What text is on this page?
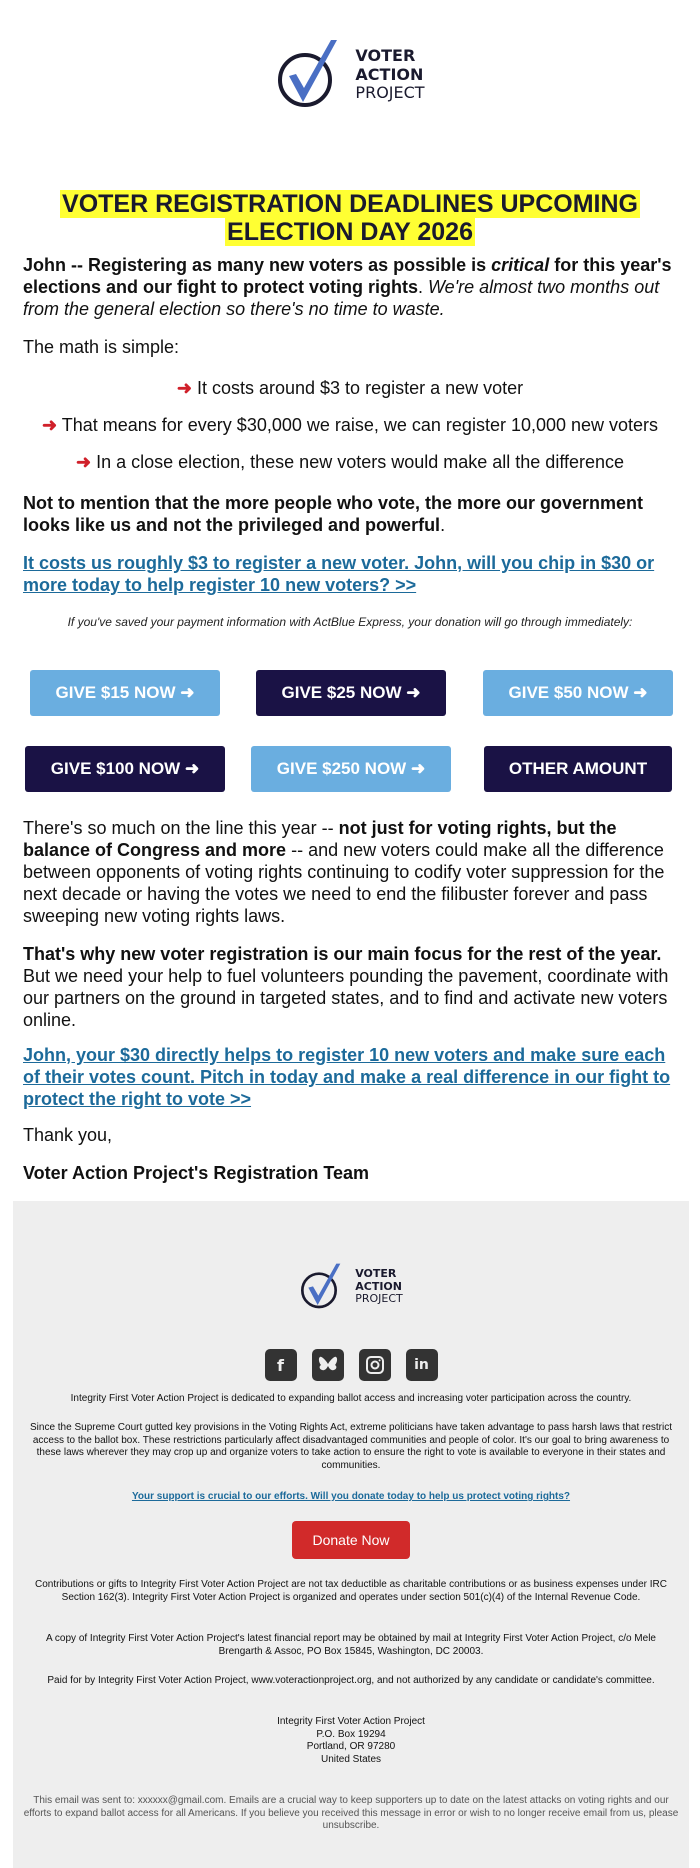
VOTER
ACTION
PROJECT
VOTER REGISTRATION DEADLINES UPCOMING
ELECTION DAY 2026
John -- Registering as many new voters as possible is critical for this year's elections and our fight to protect voting rights. We're almost two months out from the general election so there's no time to waste.
The math is simple:
➜ It costs around $3 to register a new voter
➜ That means for every $30,000 we raise, we can register 10,000 new voters
➜ In a close election, these new voters would make all the difference
Not to mention that the more people who vote, the more our government looks like us and not the privileged and powerful.
It costs us roughly $3 to register a new voter. John, will you chip in $30 or more today to help register 10 new voters? >>
If you've saved your payment information with ActBlue Express, your donation will go through immediately:
GIVE $15 NOW ➜	GIVE $25 NOW ➜	GIVE $50 NOW ➜
GIVE $100 NOW ➜	GIVE $250 NOW ➜	OTHER AMOUNT
There's so much on the line this year -- not just for voting rights, but the balance of Congress and more -- and new voters could make all the difference between opponents of voting rights continuing to codify voter suppression for the next decade or having the votes we need to end the filibuster forever and pass sweeping new voting rights laws.
That's why new voter registration is our main focus for the rest of the year. But we need your help to fuel volunteers pounding the pavement, coordinate with our partners on the ground in targeted states, and to find and activate new voters online.
John, your $30 directly helps to register 10 new voters and make sure each of their votes count. Pitch in today and make a real difference in our fight to protect the right to vote >>
Thank you,
Voter Action Project's Registration Team
VOTER
ACTION
PROJECT
f	in
Integrity First Voter Action Project is dedicated to expanding ballot access and increasing voter participation across the country.
Since the Supreme Court gutted key provisions in the Voting Rights Act, extreme politicians have taken advantage to pass harsh laws that restrict access to the ballot box. These restrictions particularly affect disadvantaged communities and people of color. It's our goal to bring awareness to these laws wherever they may crop up and organize voters to take action to ensure the right to vote is available to everyone in their states and communities.
Your support is crucial to our efforts. Will you donate today to help us protect voting rights?
Donate Now
Contributions or gifts to Integrity First Voter Action Project are not tax deductible as charitable contributions or as business expenses under IRC Section 162(3). Integrity First Voter Action Project is organized and operates under section 501(c)(4) of the Internal Revenue Code.
A copy of Integrity First Voter Action Project's latest financial report may be obtained by mail at Integrity First Voter Action Project, c/o Mele Brengarth & Assoc, PO Box 15845, Washington, DC 20003.
Paid for by Integrity First Voter Action Project, www.voteractionproject.org, and not authorized by any candidate or candidate's committee.
Integrity First Voter Action Project
P.O. Box 19294
Portland, OR 97280
United States
This email was sent to: xxxxxx@gmail.com. Emails are a crucial way to keep supporters up to date on the latest attacks on voting rights and our efforts to expand ballot access for all Americans. If you believe you received this message in error or wish to no longer receive email from us, please unsubscribe.
